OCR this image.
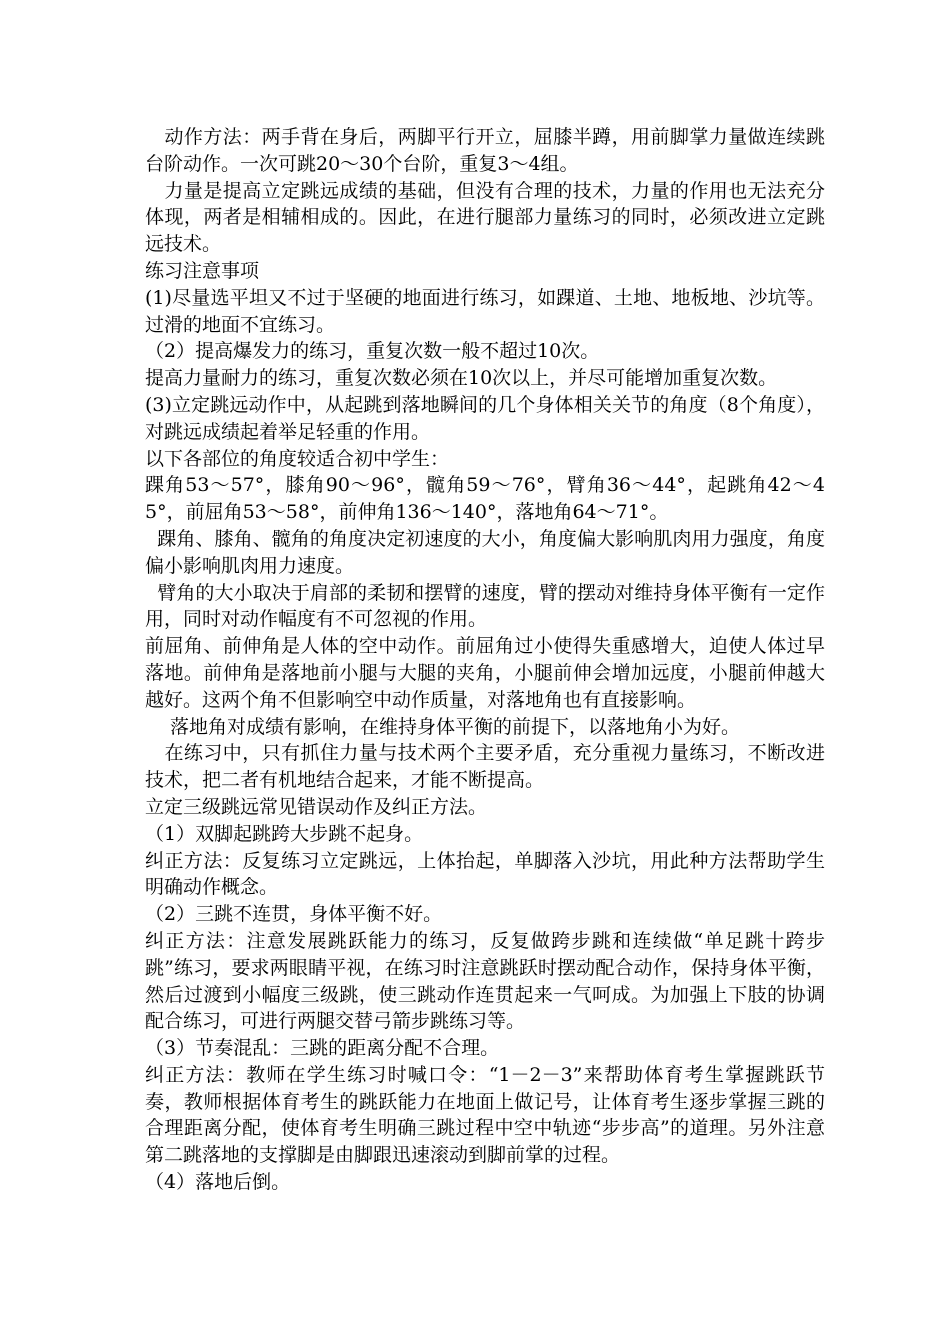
　动作方法：两手背在身后，两脚平行开立，屈膝半蹲，用前脚掌力量做连续跳台阶动作。一次可跳20～30个台阶，重复3～4组。

　力量是提高立定跳远成绩的基础，但没有合理的技术，力量的作用也无法充分体现，两者是相辅相成的。因此，在进行腿部力量练习的同时，必须改进立定跳远技术。

练习注意事项

(1)尽量选平坦又不过于坚硬的地面进行练习，如踝道、土地、地板地、沙坑等。过滑的地面不宜练习。

（2）提高爆发力的练习，重复次数一般不超过10次。

提高力量耐力的练习，重复次数必须在10次以上，并尽可能增加重复次数。

(3)立定跳远动作中，从起跳到落地瞬间的几个身体相关关节的角度（8个角度），对跳远成绩起着举足轻重的作用。

以下各部位的角度较适合初中学生：

踝角53～57°，膝角90～96°，髋角59～76°，臂角36～44°，起跳角42～45°，前屈角53～58°，前伸角136～140°，落地角64～71°。

踝角、膝角、髋角的角度决定初速度的大小，角度偏大影响肌肉用力强度，角度偏小影响肌肉用力速度。

臂角的大小取决于肩部的柔韧和摆臂的速度，臂的摆动对维持身体平衡有一定作用，同时对动作幅度有不可忽视的作用。

前屈角、前伸角是人体的空中动作。前屈角过小使得失重感增大，迫使人体过早落地。前伸角是落地前小腿与大腿的夹角，小腿前伸会增加远度，小腿前伸越大越好。这两个角不但影响空中动作质量，对落地角也有直接影响。

　 落地角对成绩有影响，在维持身体平衡的前提下，以落地角小为好。

　在练习中，只有抓住力量与技术两个主要矛盾，充分重视力量练习，不断改进技术，把二者有机地结合起来，才能不断提高。

立定三级跳远常见错误动作及纠正方法。

（1）双脚起跳跨大步跳不起身。

纠正方法：反复练习立定跳远，上体抬起，单脚落入沙坑，用此种方法帮助学生明确动作概念。

（2）三跳不连贯，身体平衡不好。

纠正方法：注意发展跳跃能力的练习，反复做跨步跳和连续做“单足跳十跨步跳”练习，要求两眼睛平视，在练习时注意跳跃时摆动配合动作，保持身体平衡，然后过渡到小幅度三级跳，使三跳动作连贯起来一气呵成。为加强上下肢的协调配合练习，可进行两腿交替弓箭步跳练习等。

（3）节奏混乱：三跳的距离分配不合理。

纠正方法：教师在学生练习时喊口令：“1－2－3”来帮助体育考生掌握跳跃节奏，教师根据体育考生的跳跃能力在地面上做记号，让体育考生逐步掌握三跳的合理距离分配，使体育考生明确三跳过程中空中轨迹“步步高”的道理。另外注意第二跳落地的支撑脚是由脚跟迅速滚动到脚前掌的过程。

（4）落地后倒。
